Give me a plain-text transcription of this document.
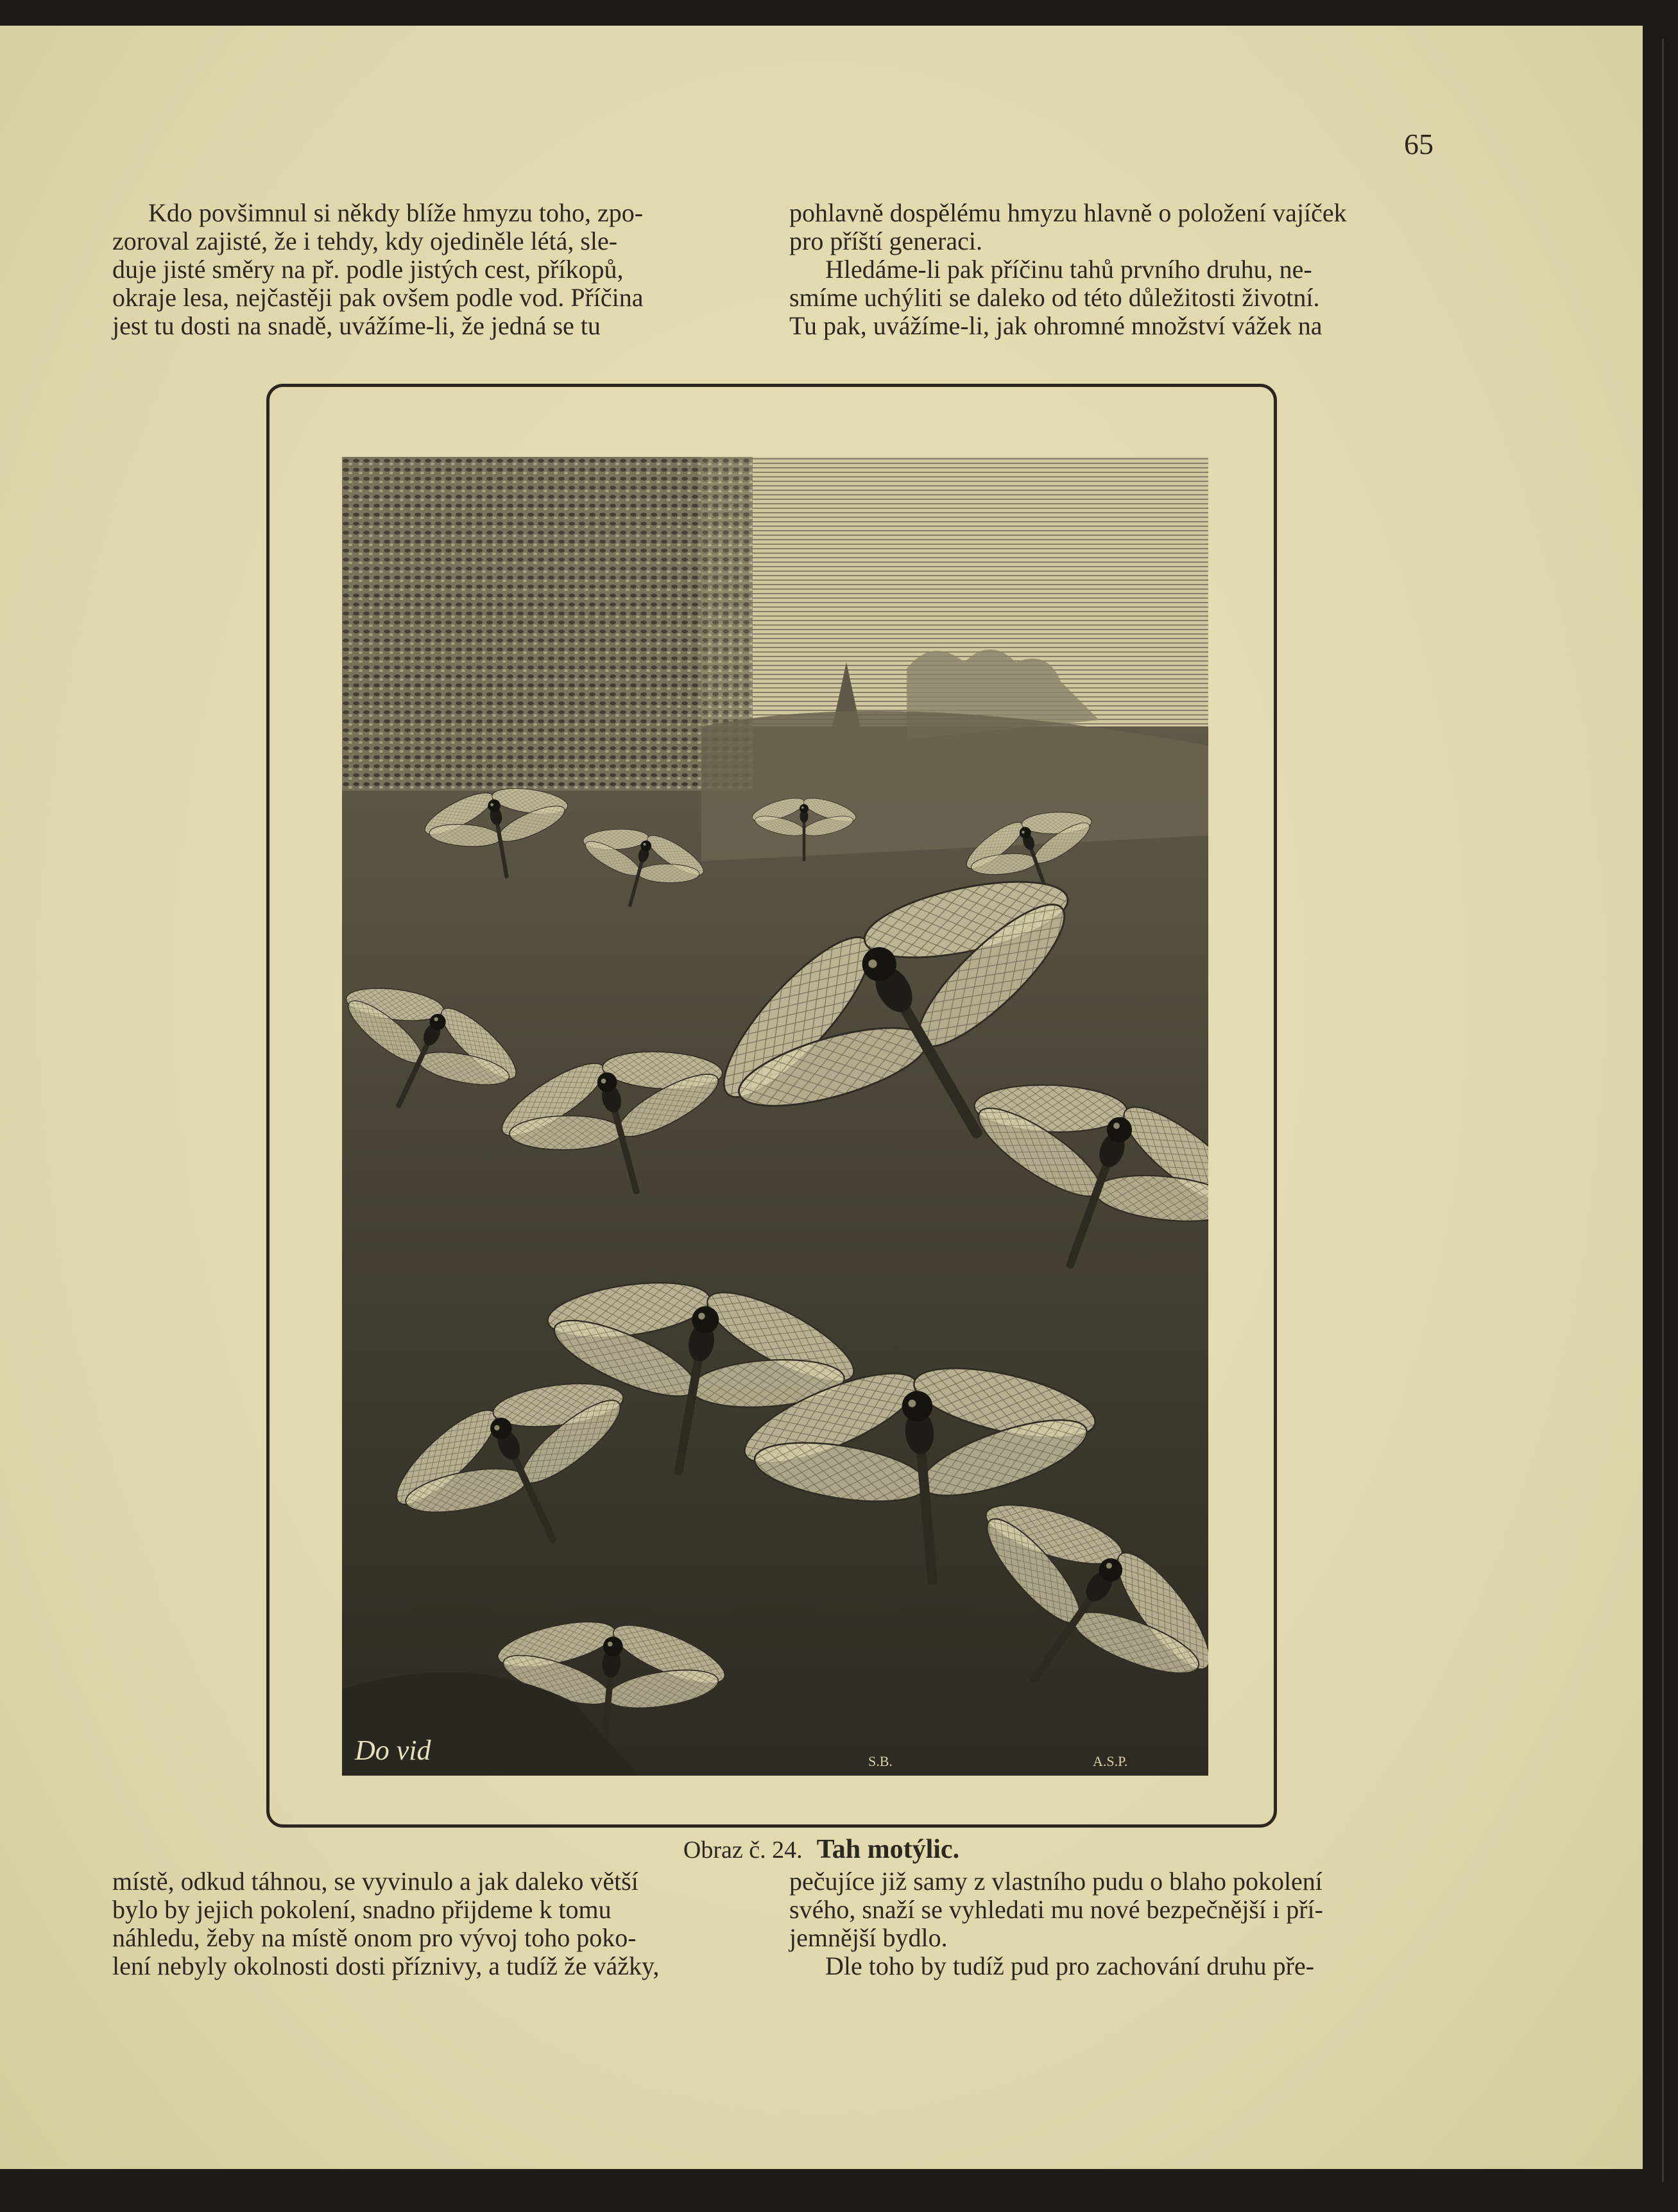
65

Kdo povšimnul si někdy blíže hmyzu toho, zpo-

zoroval zajisté, že i tehdy, kdy ojediněle létá, sle-

duje jisté směry na př. podle jistých cest, příkopů,

okraje lesa, nejčastěji pak ovšem podle vod. Příčina

jest tu dosti na snadě, uvážíme-li, že jedná se tu

pohlavně dospělému hmyzu hlavně o položení vajíček

pro příští generaci.

Hledáme-li pak příčinu tahů prvního druhu, ne-

smíme uchýliti se daleko od této důležitosti životní.

Tu pak, uvážíme-li, jak ohromné množství vážek na

Do vid	S.B.	A.S.P.
Obraz č. 24. Tah motýlic.

místě, odkud táhnou, se vyvinulo a jak daleko větší

bylo by jejich pokolení, snadno přijdeme k tomu

náhledu, žeby na místě onom pro vývoj toho poko-

lení nebyly okolnosti dosti příznivy, a tudíž že vážky,

pečujíce již samy z vlastního pudu o blaho pokolení

svého, snaží se vyhledati mu nové bezpečnější i pří-

jemnější bydlo.

Dle toho by tudíž pud pro zachování druhu pře-
